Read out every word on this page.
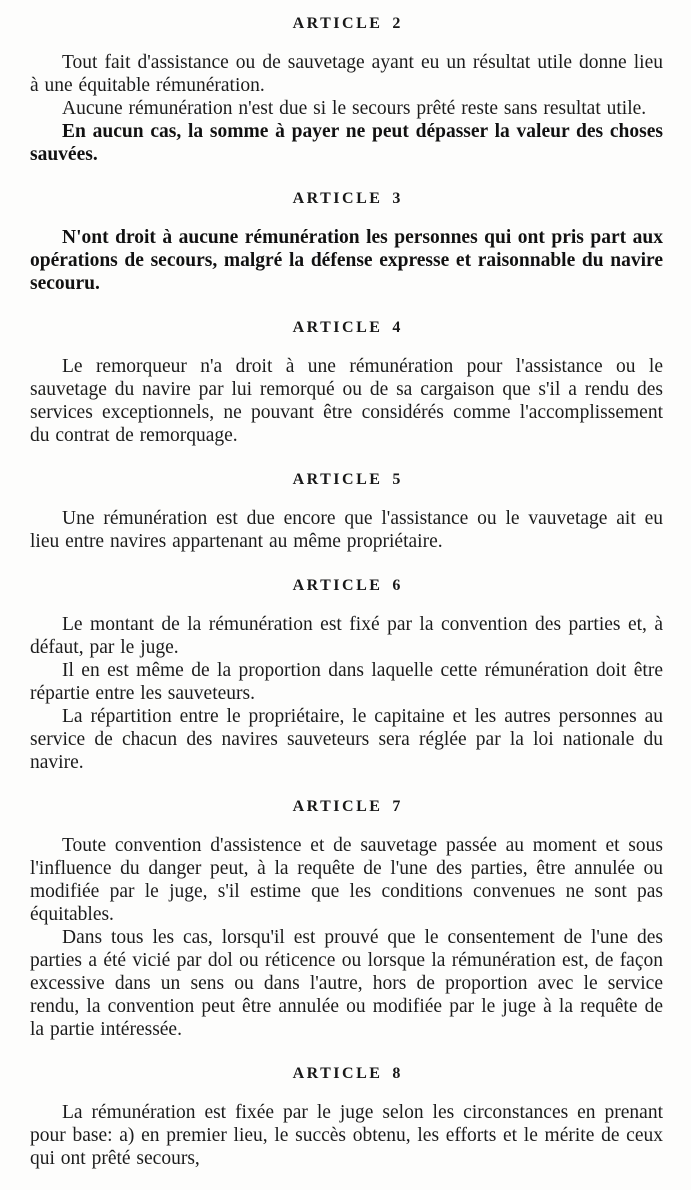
ARTICLE 2

Tout fait d'assistance ou de sauvetage ayant eu un résultat utile donne lieu à une équitable rémunération.

Aucune rémunération n'est due si le secours prêté reste sans resultat utile.

En aucun cas, la somme à payer ne peut dépasser la valeur des choses sauvées.

ARTICLE 3

N'ont droit à aucune rémunération les personnes qui ont pris part aux opérations de secours, malgré la défense expresse et raisonnable du navire secouru.

ARTICLE 4

Le remorqueur n'a droit à une rémunération pour l'assistance ou le sauvetage du navire par lui remorqué ou de sa cargaison que s'il a rendu des services exceptionnels, ne pouvant être considérés comme l'accomplissement du contrat de remorquage.

ARTICLE 5

Une rémunération est due encore que l'assistance ou le vauvetage ait eu lieu entre navires appartenant au même propriétaire.

ARTICLE 6

Le montant de la rémunération est fixé par la convention des parties et, à défaut, par le juge.

Il en est même de la proportion dans laquelle cette rémunération doit être répartie entre les sauveteurs.

La répartition entre le propriétaire, le capitaine et les autres personnes au service de chacun des navires sauveteurs sera réglée par la loi nationale du navire.

ARTICLE 7

Toute convention d'assistence et de sauvetage passée au moment et sous l'influence du danger peut, à la requête de l'une des parties, être annulée ou modifiée par le juge, s'il estime que les conditions convenues ne sont pas équitables.

Dans tous les cas, lorsqu'il est prouvé que le consentement de l'une des parties a été vicié par dol ou réticence ou lorsque la rémunération est, de façon excessive dans un sens ou dans l'autre, hors de proportion avec le service rendu, la convention peut être annulée ou modifiée par le juge à la requête de la partie intéressée.

ARTICLE 8

La rémunération est fixée par le juge selon les circonstances en prenant pour base: a) en premier lieu, le succès obtenu, les efforts et le mérite de ceux qui ont prêté secours,
